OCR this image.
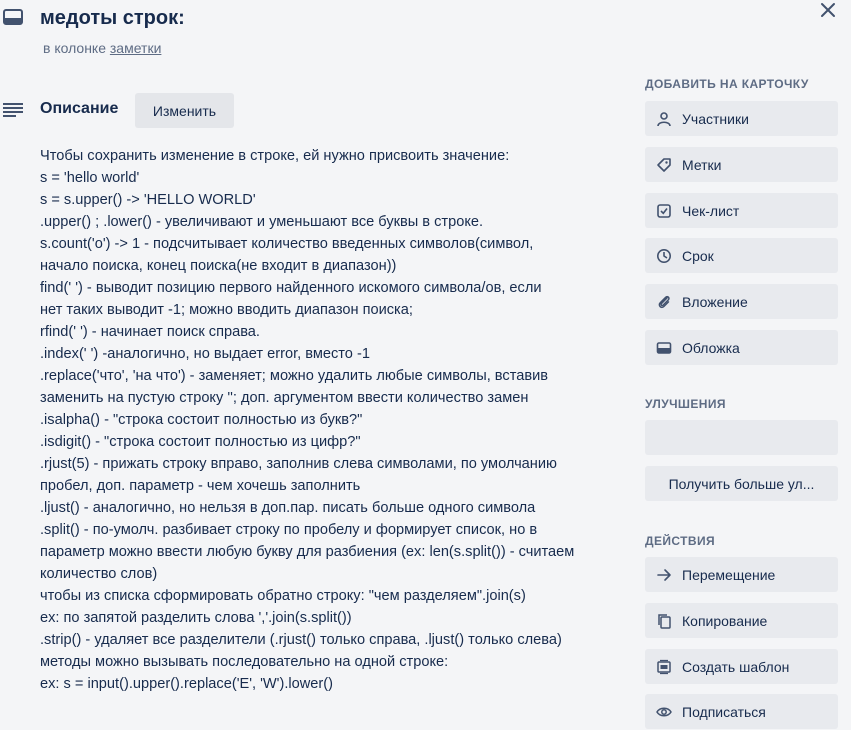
медоты строк:
в колонке заметки
Описание	Изменить
Чтобы сохранить изменение в строке, ей нужно присвоить значение:
s = 'hello world'
s = s.upper() -> 'HELLO WORLD'
.upper() ; .lower() - увеличивают и уменьшают все буквы в строке.
s.count('o') -> 1 - подсчитывает количество введенных символов(символ,
начало поиска, конец поиска(не входит в диапазон))
find(' ') - выводит позицию первого найденного искомого символа/ов, если
нет таких выводит -1; можно вводить диапазон поиска;
rfind(' ') - начинает поиск справа.
.index(' ') -аналогично, но выдает error, вместо -1
.replace('что', 'на что') - заменяет; можно удалить любые символы, вставив
заменить на пустую строку ''; доп. аргументом ввести количество замен
.isalpha() - "строка состоит полностью из букв?"
.isdigit() - "строка состоит полностью из цифр?"
.rjust(5) - прижать строку вправо, заполнив слева символами, по умолчанию
пробел, доп. параметр - чем хочешь заполнить
.ljust() - аналогично, но нельзя в доп.пар. писать больше одного символа
.split() - по-умолч. разбивает строку по пробелу и формирует список, но в
параметр можно ввести любую букву для разбиения (ex: len(s.split()) - считаем
количество слов)
чтобы из списка сформировать обратно строку: "чем разделяем".join(s)
ex: по запятой разделить слова ','.join(s.split())
.strip() - удаляет все разделители (.rjust() только справа, .ljust() только слева)
методы можно вызывать последовательно на одной строке:
ex: s = input().upper().replace('E', 'W').lower()
ДОБАВИТЬ НА КАРТОЧКУ
Участники
Метки
Чек-лист
Срок
Вложение
Обложка
УЛУЧШЕНИЯ
Получить больше ул...
ДЕЙСТВИЯ
Перемещение
Копирование
Создать шаблон
Подписаться
